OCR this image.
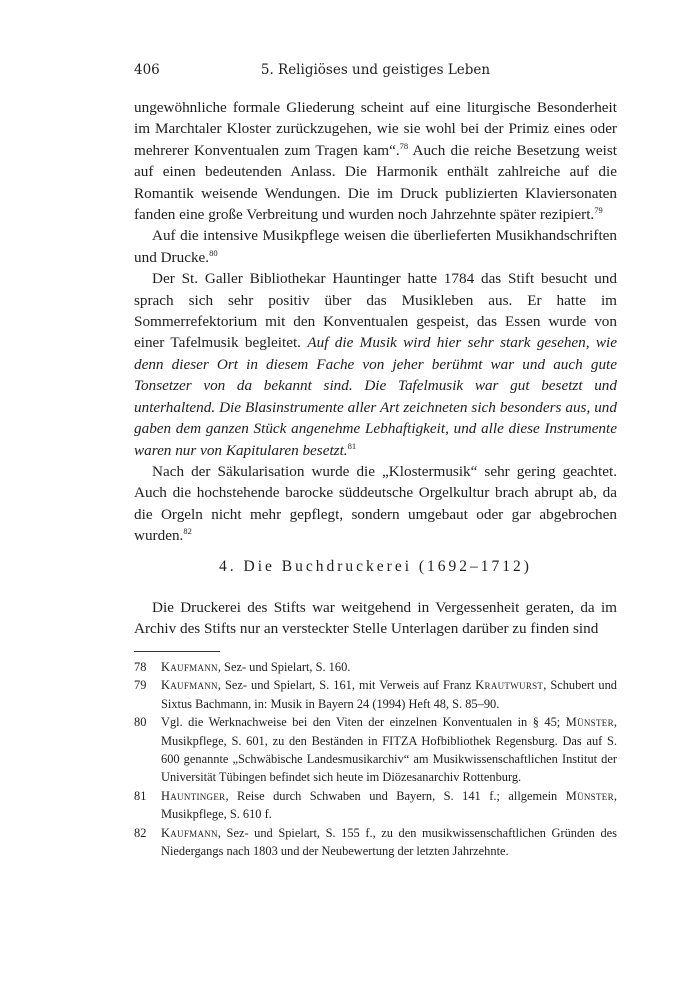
406	5. Religiöses und geistiges Leben

ungewöhnliche formale Gliederung scheint auf eine liturgische Besonderheit im Marchtaler Kloster zurückzugehen, wie sie wohl bei der Primiz eines oder mehrerer Konventualen zum Tragen kam“.$^{78}$ Auch die reiche Besetzung weist auf einen bedeutenden Anlass. Die Harmonik enthält zahlreiche auf die Romantik weisende Wendungen. Die im Druck publizierten Klaviersonaten fanden eine große Verbreitung und wurden noch Jahrzehnte später rezipiert.$^{79}$

Auf die intensive Musikpflege weisen die überlieferten Musikhandschriften und Drucke.$^{80}$

Der St. Galler Bibliothekar Hauntinger hatte 1784 das Stift besucht und sprach sich sehr positiv über das Musikleben aus. Er hatte im Sommerrefektorium mit den Konventualen gespeist, das Essen wurde von einer Tafelmusik begleitet. Auf die Musik wird hier sehr stark gesehen, wie denn dieser Ort in diesem Fache von jeher berühmt war und auch gute Tonsetzer von da bekannt sind. Die Tafelmusik war gut besetzt und unterhaltend. Die Blasinstrumente aller Art zeichneten sich besonders aus, und gaben dem ganzen Stück angenehme Lebhaftigkeit, und alle diese Instrumente waren nur von Kapitularen besetzt.$^{81}$

Nach der Säkularisation wurde die „Klostermusik“ sehr gering geachtet. Auch die hochstehende barocke süddeutsche Orgelkultur brach abrupt ab, da die Orgeln nicht mehr gepflegt, sondern umgebaut oder gar abgebrochen wurden.$^{82}$

4. Die Buchdruckerei (1692–1712)

Die Druckerei des Stifts war weitgehend in Vergessenheit geraten, da im Archiv des Stifts nur an versteckter Stelle Unterlagen darüber zu finden sind

78 Kaufmann, Sez- und Spielart, S. 160.
79 Kaufmann, Sez- und Spielart, S. 161, mit Verweis auf Franz Krautwurst, Schubert und Sixtus Bachmann, in: Musik in Bayern 24 (1994) Heft 48, S. 85–90.
80 Vgl. die Werknachweise bei den Viten der einzelnen Konventualen in § 45; Münster, Musikpflege, S. 601, zu den Beständen in FITZA Hofbibliothek Regensburg. Das auf S. 600 genannte „Schwäbische Landesmusikarchiv“ am Musikwissenschaftlichen Institut der Universität Tübingen befindet sich heute im Diözesanarchiv Rottenburg.
81 Hauntinger, Reise durch Schwaben und Bayern, S. 141 f.; allgemein Münster, Musikpflege, S. 610 f.
82 Kaufmann, Sez- und Spielart, S. 155 f., zu den musikwissenschaftlichen Gründen des Niedergangs nach 1803 und der Neubewertung der letzten Jahrzehnte.
